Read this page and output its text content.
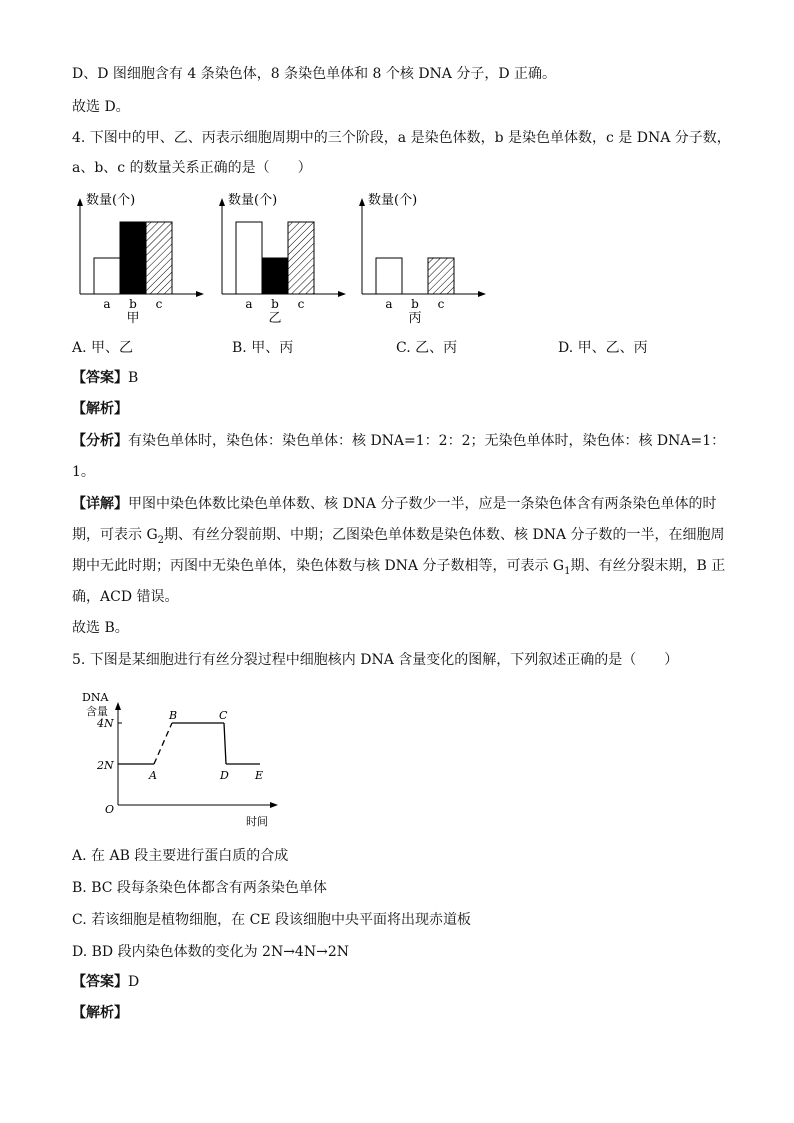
D、D 图细胞含有 4 条染色体，8 条染色单体和 8 个核 DNA 分子，D 正确。
故选 D。
4. 下图中的甲、乙、丙表示细胞周期中的三个阶段，a 是染色体数，b 是染色单体数，c 是 DNA 分子数，
a、b、c 的数量关系正确的是（　　）
数量(个)
a b c
甲
数量(个)
a b c
乙
数量(个)
a b c
丙
A. 甲、乙	B. 甲、丙	C. 乙、丙	D. 甲、乙、丙
【答案】B
【解析】
【分析】有染色单体时，染色体：染色单体：核 DNA=1：2：2；无染色单体时，染色体：核 DNA=1：1。
【详解】甲图中染色体数比染色单体数、核 DNA 分子数少一半，应是一条染色体含有两条染色单体的时期，可表示 $G_2$期、有丝分裂前期、中期；乙图染色单体数是染色体数、核 DNA 分子数的一半，在细胞周期中无此时期；丙图中无染色单体，染色体数与核 DNA 分子数相等，可表示 $G_1$期、有丝分裂末期，B 正确，ACD 错误。
故选 B。
5. 下图是某细胞进行有丝分裂过程中细胞核内 DNA 含量变化的图解，下列叙述正确的是（　　）
DNA
含量
4N
2N
O
时间
A
B	C
D E
A. 在 AB 段主要进行蛋白质的合成
B. BC 段每条染色体都含有两条染色单体
C. 若该细胞是植物细胞，在 CE 段该细胞中央平面将出现赤道板
D. BD 段内染色体数的变化为 2N→4N→2N
【答案】D
【解析】
